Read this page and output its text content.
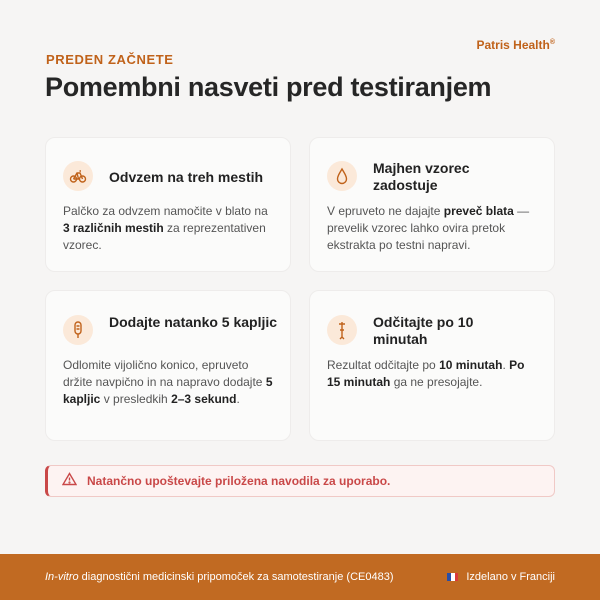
Patris Health®
PREDEN ZAČNETE
Pomembni nasveti pred testiranjem
Odvzem na treh mestih
Palčko za odvzem namočite v blato na 3 različnih mestih za reprezentativen vzorec.
Majhen vzorec zadostuje
V epruveto ne dajajte preveč blata — prevelik vzorec lahko ovira pretok ekstrakta po testni napravi.
Dodajte natanko 5 kapljic
Odlomite vijolično konico, epruveto držite navpično in na napravo dodajte 5 kapljic v presledkih 2–3 sekund.
Odčitajte po 10 minutah
Rezultat odčitajte po 10 minutah. Po 15 minutah ga ne presojajte.
Natančno upoštevajte priložena navodila za uporabo.
In-vitro diagnostični medicinski pripomoček za samotestiranje (CE0483)	Izdelano v Franciji
